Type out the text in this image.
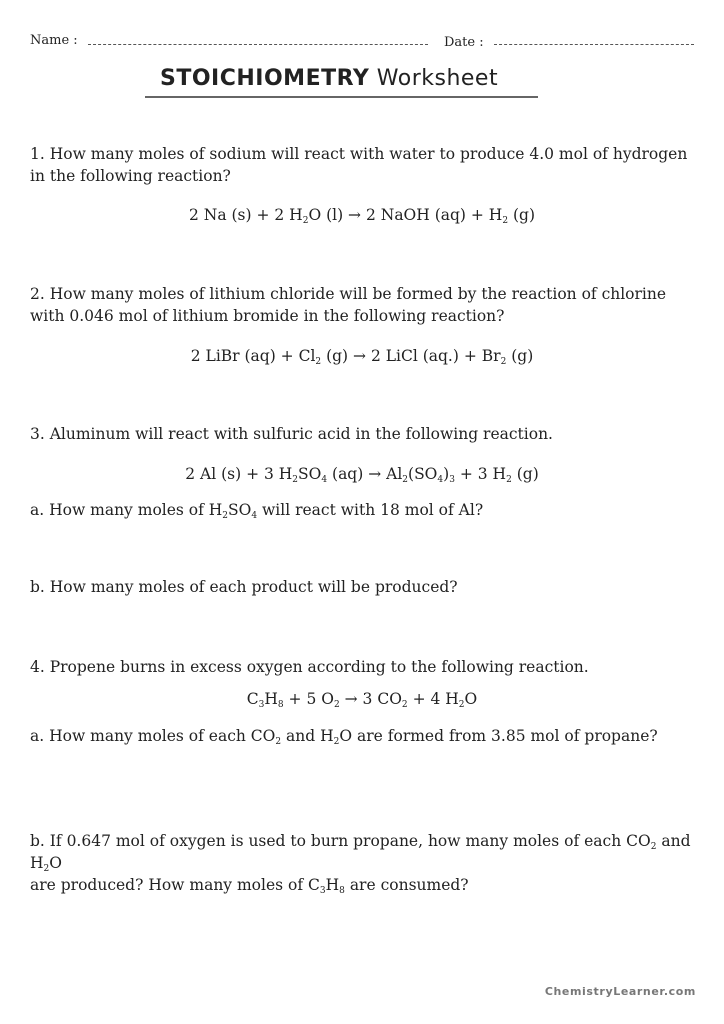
Name :	Date :
STOICHIOMETRY Worksheet
1. How many moles of sodium will react with water to produce 4.0 mol of hydrogen in the following reaction?
2 Na (s) + 2 $H_2O$ (l) → 2 NaOH $(aq) + H_2$ (g)
2. How many moles of lithium chloride will be formed by the reaction of chlorine with 0.046 mol of lithium bromide in the following reaction?
2 LiBr $(aq) + Cl_2$ (g) → 2 LiCl $(aq.) + Br_2$ (g)
3. Aluminum will react with sulfuric acid in the following reaction.
2 Al (s) + 3 $H_2SO_4$ $(aq) \to Al_2(SO_4)_3 + 3$ $H_2$ (g)
a. How many moles of $H_2SO_4$ will react with 18 mol of Al?
b. How many moles of each product will be produced?
4. Propene burns in excess oxygen according to the following reaction.
$C_3H_8 + 5$ $O_2 \to 3$ $CO_2 + 4$ $H_2O$
a. How many moles of each $CO_2$ and $H_2O$ are formed from 3.85 mol of propane?
b. If 0.647 mol of oxygen is used to burn propane, how many moles of each $CO_2$ and $H_2O$
are produced? How many moles of $C_3H_8$ are consumed?
ChemistryLearner.com
